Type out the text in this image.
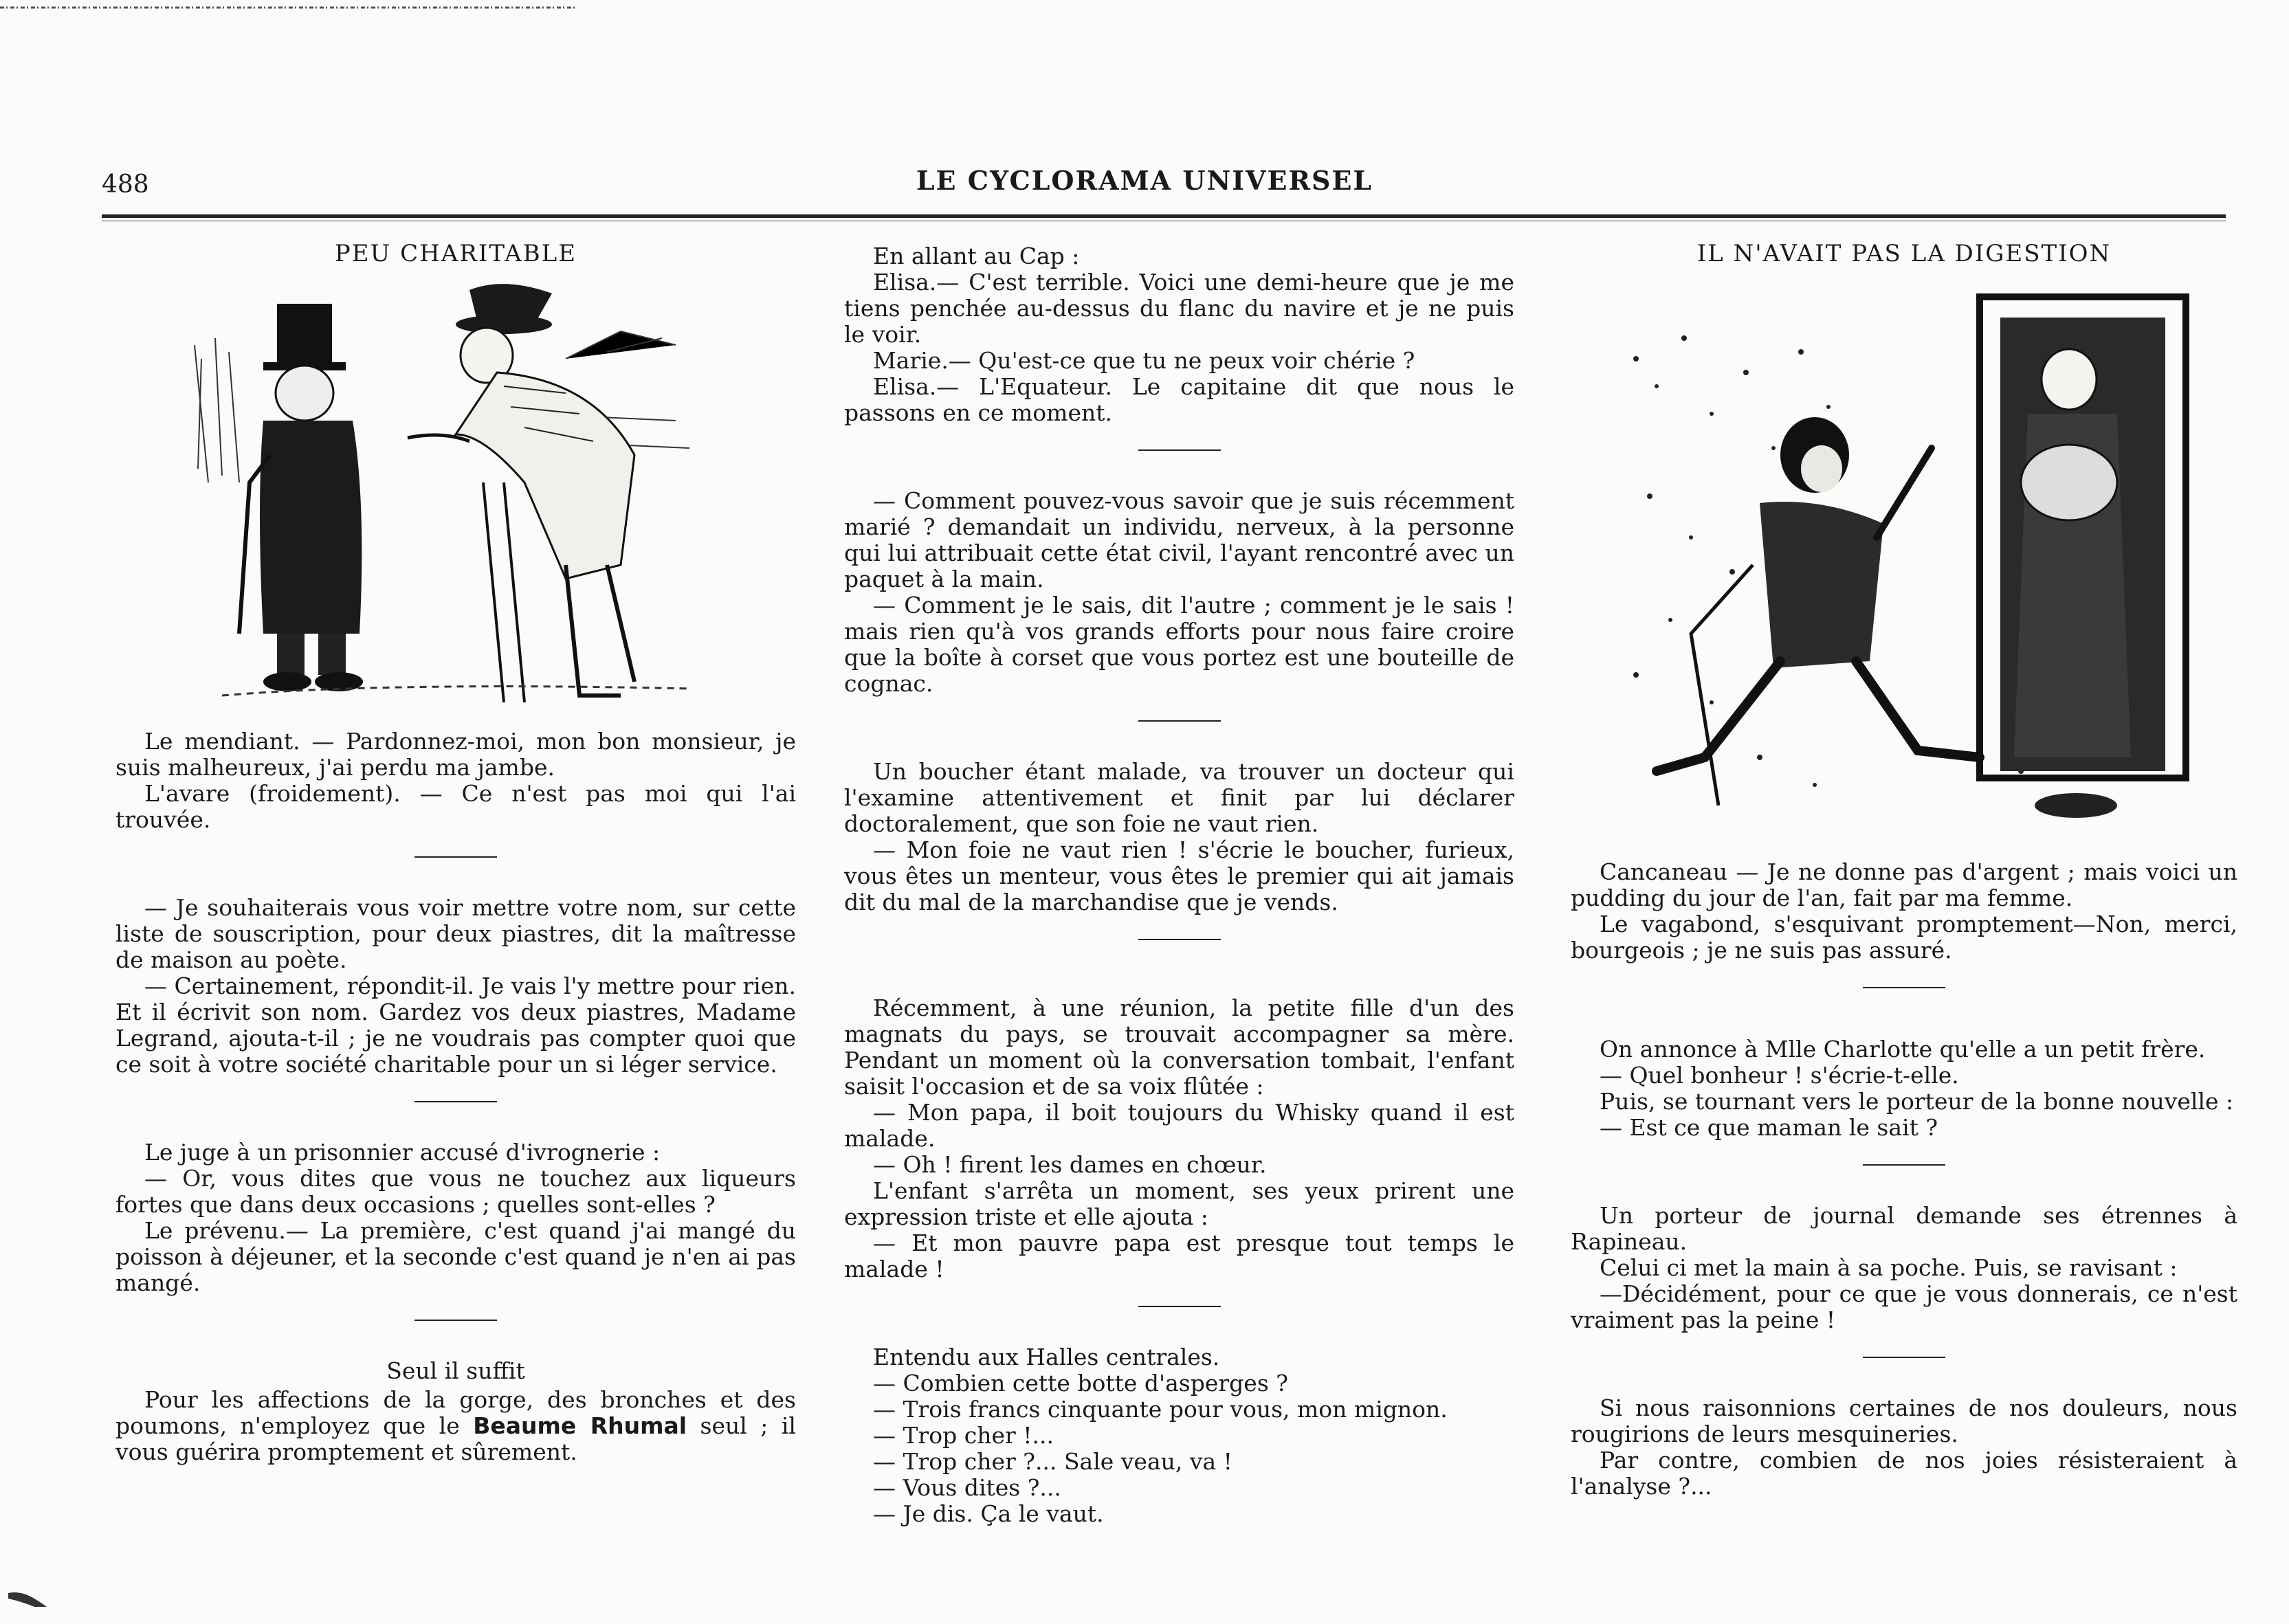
488	LE CYCLORAMA UNIVERSEL
PEU CHARITABLE

Le mendiant. — Pardonnez-moi, mon bon monsieur, je suis malheureux, j'ai perdu ma jambe.

L'avare (froidement). — Ce n'est pas moi qui l'ai trouvée.

— Je souhaiterais vous voir mettre votre nom, sur cette liste de souscription, pour deux piastres, dit la maîtresse de maison au poète.

— Certainement, répondit-il. Je vais l'y mettre pour rien. Et il écrivit son nom. Gardez vos deux piastres, Madame Legrand, ajouta-t-il ; je ne voudrais pas compter quoi que ce soit à votre société charitable pour un si léger service.

Le juge à un prisonnier accusé d'ivrognerie :

— Or, vous dites que vous ne touchez aux liqueurs fortes que dans deux occasions ; quelles sont-elles ?

Le prévenu.— La première, c'est quand j'ai mangé du poisson à déjeuner, et la seconde c'est quand je n'en ai pas mangé.

Seul il suffit

Pour les affections de la gorge, des bronches et des poumons, n'employez que le Beaume Rhumal seul ; il vous guérira promptement et sûrement.

En allant au Cap :

Elisa.— C'est terrible. Voici une demi-heure que je me tiens penchée au-dessus du flanc du navire et je ne puis le voir.

Marie.— Qu'est-ce que tu ne peux voir chérie ?

Elisa.— L'Equateur. Le capitaine dit que nous le passons en ce moment.

— Comment pouvez-vous savoir que je suis récemment marié ? demandait un individu, nerveux, à la personne qui lui attribuait cette état civil, l'ayant rencontré avec un paquet à la main.

— Comment je le sais, dit l'autre ; comment je le sais ! mais rien qu'à vos grands efforts pour nous faire croire que la boîte à corset que vous portez est une bouteille de cognac.

Un boucher étant malade, va trouver un docteur qui l'examine attentivement et finit par lui déclarer doctoralement, que son foie ne vaut rien.

— Mon foie ne vaut rien ! s'écrie le boucher, furieux, vous êtes un menteur, vous êtes le premier qui ait jamais dit du mal de la marchandise que je vends.

Récemment, à une réunion, la petite fille d'un des magnats du pays, se trouvait accompagner sa mère. Pendant un moment où la conversation tombait, l'enfant saisit l'occasion et de sa voix flûtée :

— Mon papa, il boit toujours du Whisky quand il est malade.

— Oh ! firent les dames en chœur.

L'enfant s'arrêta un moment, ses yeux prirent une expression triste et elle ajouta :

— Et mon pauvre papa est presque tout temps le malade !

Entendu aux Halles centrales.

— Combien cette botte d'asperges ?

— Trois francs cinquante pour vous, mon mignon.

— Trop cher !...

— Trop cher ?... Sale veau, va !

— Vous dites ?...

— Je dis. Ça le vaut.

IL N'AVAIT PAS LA DIGESTION

Cancaneau — Je ne donne pas d'argent ; mais voici un pudding du jour de l'an, fait par ma femme.

Le vagabond, s'esquivant promptement—Non, merci, bourgeois ; je ne suis pas assuré.

On annonce à Mlle Charlotte qu'elle a un petit frère.

— Quel bonheur ! s'écrie-t-elle.

Puis, se tournant vers le porteur de la bonne nouvelle :

— Est ce que maman le sait ?

Un porteur de journal demande ses étrennes à Rapineau.

Celui ci met la main à sa poche. Puis, se ravisant :

—Décidément, pour ce que je vous donnerais, ce n'est vraiment pas la peine !

Si nous raisonnions certaines de nos douleurs, nous rougirions de leurs mesquineries.

Par contre, combien de nos joies résisteraient à l'analyse ?...
